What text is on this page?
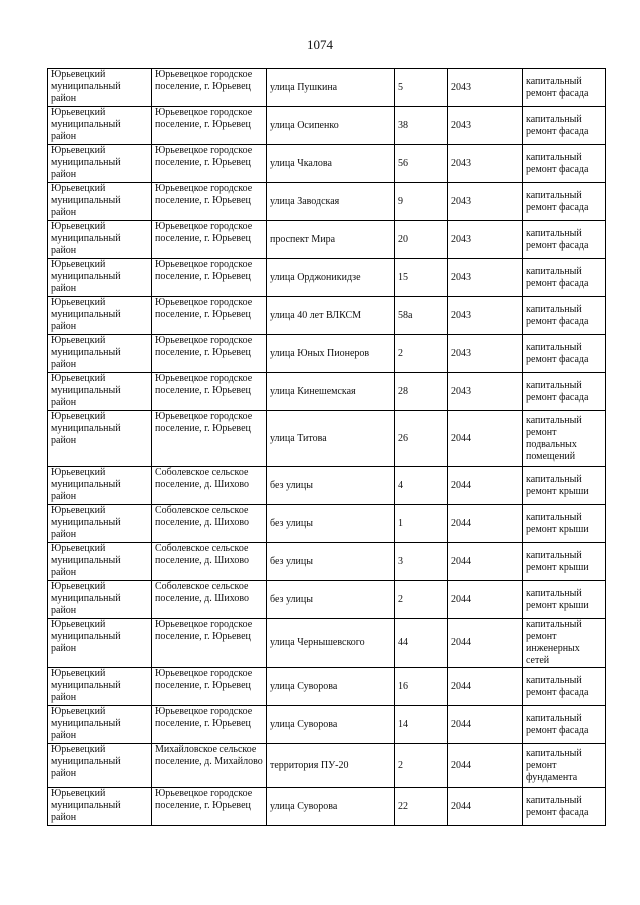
1074
Юрьевецкий муниципальный район	Юрьевецкое городское поселение, г. Юрьевец	улица Пушкина	5	2043	капитальный ремонт фасада
Юрьевецкий муниципальный район	Юрьевецкое городское поселение, г. Юрьевец	улица Осипенко	38	2043	капитальный ремонт фасада
Юрьевецкий муниципальный район	Юрьевецкое городское поселение, г. Юрьевец	улица Чкалова	56	2043	капитальный ремонт фасада
Юрьевецкий муниципальный район	Юрьевецкое городское поселение, г. Юрьевец	улица Заводская	9	2043	капитальный ремонт фасада
Юрьевецкий муниципальный район	Юрьевецкое городское поселение, г. Юрьевец	проспект Мира	20	2043	капитальный ремонт фасада
Юрьевецкий муниципальный район	Юрьевецкое городское поселение, г. Юрьевец	улица Орджоникидзе	15	2043	капитальный ремонт фасада
Юрьевецкий муниципальный район	Юрьевецкое городское поселение, г. Юрьевец	улица 40 лет ВЛКСМ	58а	2043	капитальный ремонт фасада
Юрьевецкий муниципальный район	Юрьевецкое городское поселение, г. Юрьевец	улица Юных Пионеров	2	2043	капитальный ремонт фасада
Юрьевецкий муниципальный район	Юрьевецкое городское поселение, г. Юрьевец	улица Кинешемская	28	2043	капитальный ремонт фасада
Юрьевецкий муниципальный район	Юрьевецкое городское поселение, г. Юрьевец	улица Титова	26	2044	капитальный ремонт подвальных помещений
Юрьевецкий муниципальный район	Соболевское сельское поселение, д. Шихово	без улицы	4	2044	капитальный ремонт крыши
Юрьевецкий муниципальный район	Соболевское сельское поселение, д. Шихово	без улицы	1	2044	капитальный ремонт крыши
Юрьевецкий муниципальный район	Соболевское сельское поселение, д. Шихово	без улицы	3	2044	капитальный ремонт крыши
Юрьевецкий муниципальный район	Соболевское сельское поселение, д. Шихово	без улицы	2	2044	капитальный ремонт крыши
Юрьевецкий муниципальный район	Юрьевецкое городское поселение, г. Юрьевец	улица Чернышевского	44	2044	капитальный ремонт инженерных сетей
Юрьевецкий муниципальный район	Юрьевецкое городское поселение, г. Юрьевец	улица Суворова	16	2044	капитальный ремонт фасада
Юрьевецкий муниципальный район	Юрьевецкое городское поселение, г. Юрьевец	улица Суворова	14	2044	капитальный ремонт фасада
Юрьевецкий муниципальный район	Михайловское сельское поселение, д. Михайлово	территория ПУ-20	2	2044	капитальный ремонт фундамента
Юрьевецкий муниципальный район	Юрьевецкое городское поселение, г. Юрьевец	улица Суворова	22	2044	капитальный ремонт фасада
